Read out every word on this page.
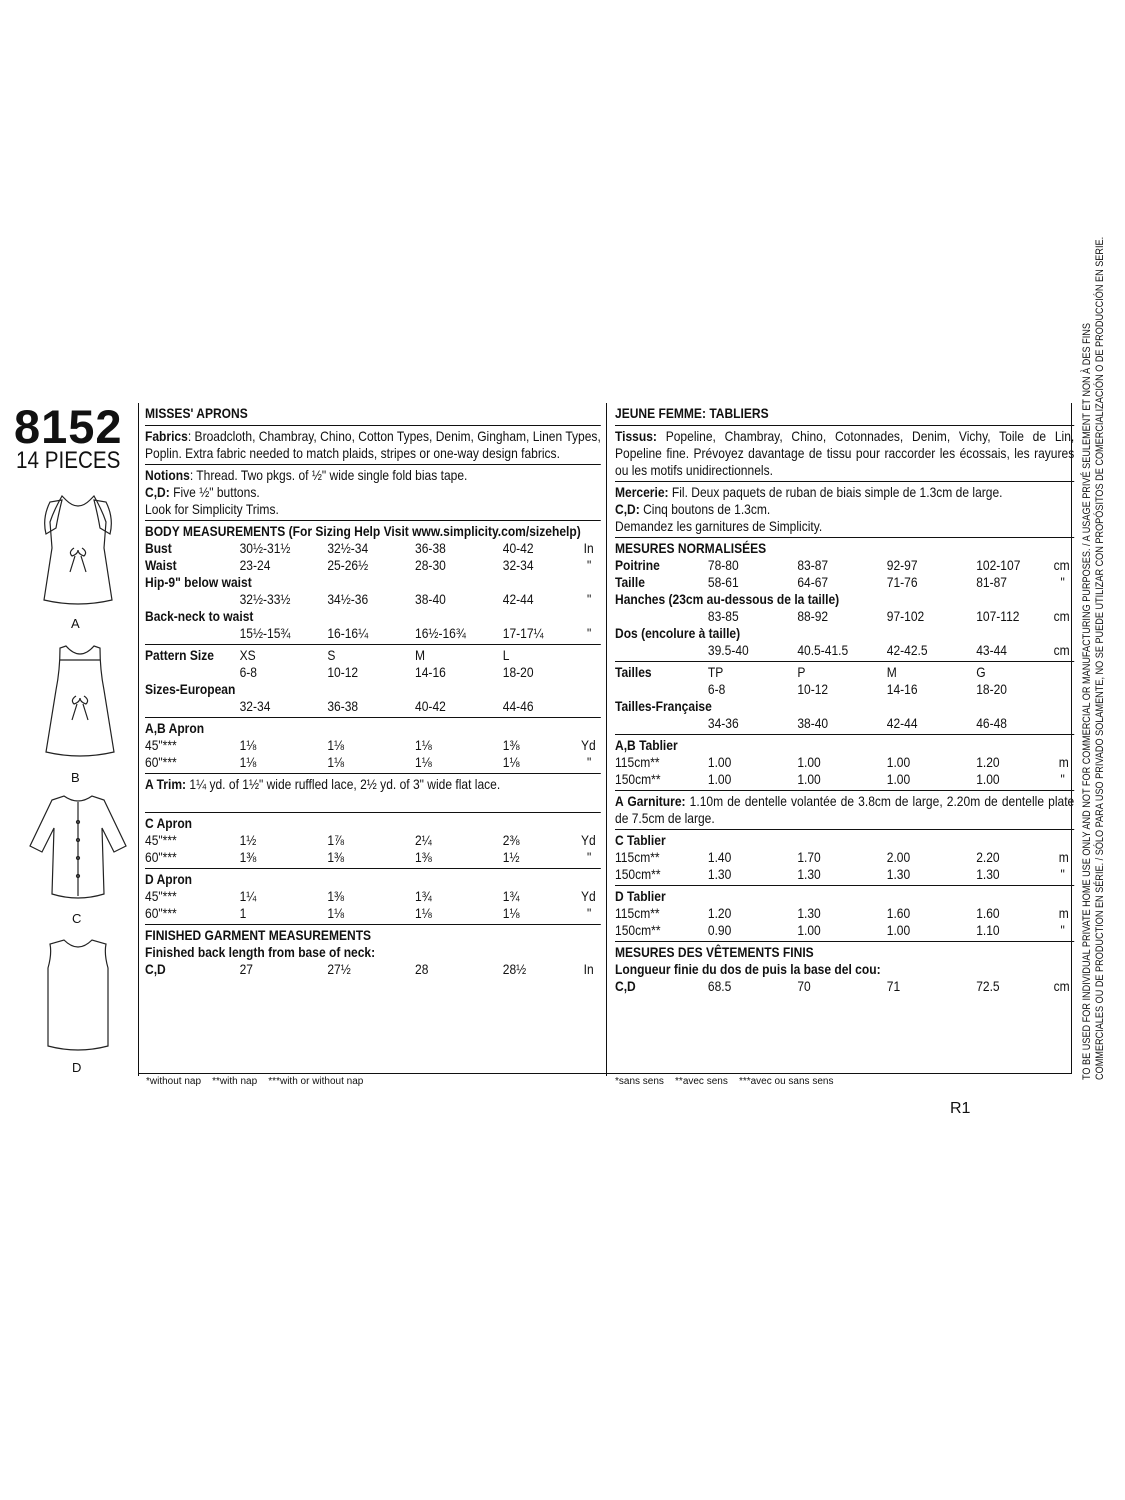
8152
14 PIECES
A
B
C
D
MISSES' APRONS
Fabrics: Broadcloth, Chambray, Chino, Cotton Types, Denim, Gingham, Linen Types, Poplin. Extra fabric needed to match plaids, stripes or one-way design fabrics.
Notions: Thread. Two pkgs. of ½" wide single fold bias tape.
C,D: Five ½" buttons.
Look for Simplicity Trims.
BODY MEASUREMENTS (For Sizing Help Visit www.simplicity.com/sizehelp)
Bust	30½-31½	32½-34	36-38	40-42	In
Waist	23-24	25-26½	28-30	32-34	"
Hip-9" below waist
32½-33½	34½-36	38-40	42-44	"
Back-neck to waist
15½-15¾	16-16¼	16½-16¾	17-17¼	"
Pattern Size XS	S	M	L
6-8	10-12	14-16	18-20
Sizes-European
32-34	36-38	40-42	44-46
A,B Apron
45"***	1⅛	1⅛	1⅛	1⅜	Yd
60"***	1⅛	1⅛	1⅛	1⅛	"
A Trim: 1¼ yd. of 1½" wide ruffled lace, 2½ yd. of 3" wide flat lace.
C Apron
45"***	1½	1⅞	2¼	2⅜	Yd
60"***	1⅜	1⅜	1⅜	1½	"
D Apron
45"***	1¼	1⅜	1¾	1¾	Yd
60"***	1	1⅛	1⅛	1⅛	"
FINISHED GARMENT MEASUREMENTS
Finished back length from base of neck:
C,D	27	27½	28	28½	In
JEUNE FEMME: TABLIERS
Tissus: Popeline, Chambray, Chino, Cotonnades, Denim, Vichy, Toile de Lin, Popeline fine. Prévoyez davantage de tissu pour raccorder les écossais, les rayures ou les motifs unidirectionnels.
Mercerie: Fil. Deux paquets de ruban de biais simple de 1.3cm de large.
C,D: Cinq boutons de 1.3cm.
Demandez les garnitures de Simplicity.
MESURES NORMALISÉES
Poitrine	78-80	83-87	92-97	102-107 cm
Taille	58-61	64-67	71-76	81-87	"
Hanches (23cm au-dessous de la taille)
83-85	88-92	97-102	107-112 cm
Dos (encolure à taille)
39.5-40	40.5-41.5	42-42.5	43-44	cm
Tailles	TP	P	M	G
6-8	10-12	14-16	18-20
Tailles-Française
34-36	38-40	42-44	46-48
A,B Tablier
115cm**	1.00	1.00	1.00	1.20	m
150cm**	1.00	1.00	1.00	1.00	"
A Garniture: 1.10m de dentelle volantée de 3.8cm de large, 2.20m de dentelle plate de 7.5cm de large.
C Tablier
115cm**	1.40	1.70	2.00	2.20	m
150cm**	1.30	1.30	1.30	1.30	"
D Tablier
115cm**	1.20	1.30	1.60	1.60	m
150cm**	0.90	1.00	1.00	1.10	"
MESURES DES VÊTEMENTS FINIS
Longueur finie du dos de puis la base del cou:
C,D	68.5	70	71	72.5	cm
*without nap    **with nap    ***with or without nap	*sans sens    **avec sens    ***avec ou sans sens
R1
TO BE USED FOR INDIVIDUAL PRIVATE HOME USE ONLY AND NOT FOR COMMERCIAL OR MANUFACTURING PURPOSES. / A USAGE PRIVÉ SEULEMENT ET NON À DES FINS COMMERCIALES OU DE PRODUCTION EN SÉRIE. / SÓLO PARA USO PRIVADO SOLAMENTE, NO SE PUEDE UTILIZAR CON PROPÓSITOS DE COMERCIALIZACIÓN O DE PRODUCCIÓN EN SERIE.
